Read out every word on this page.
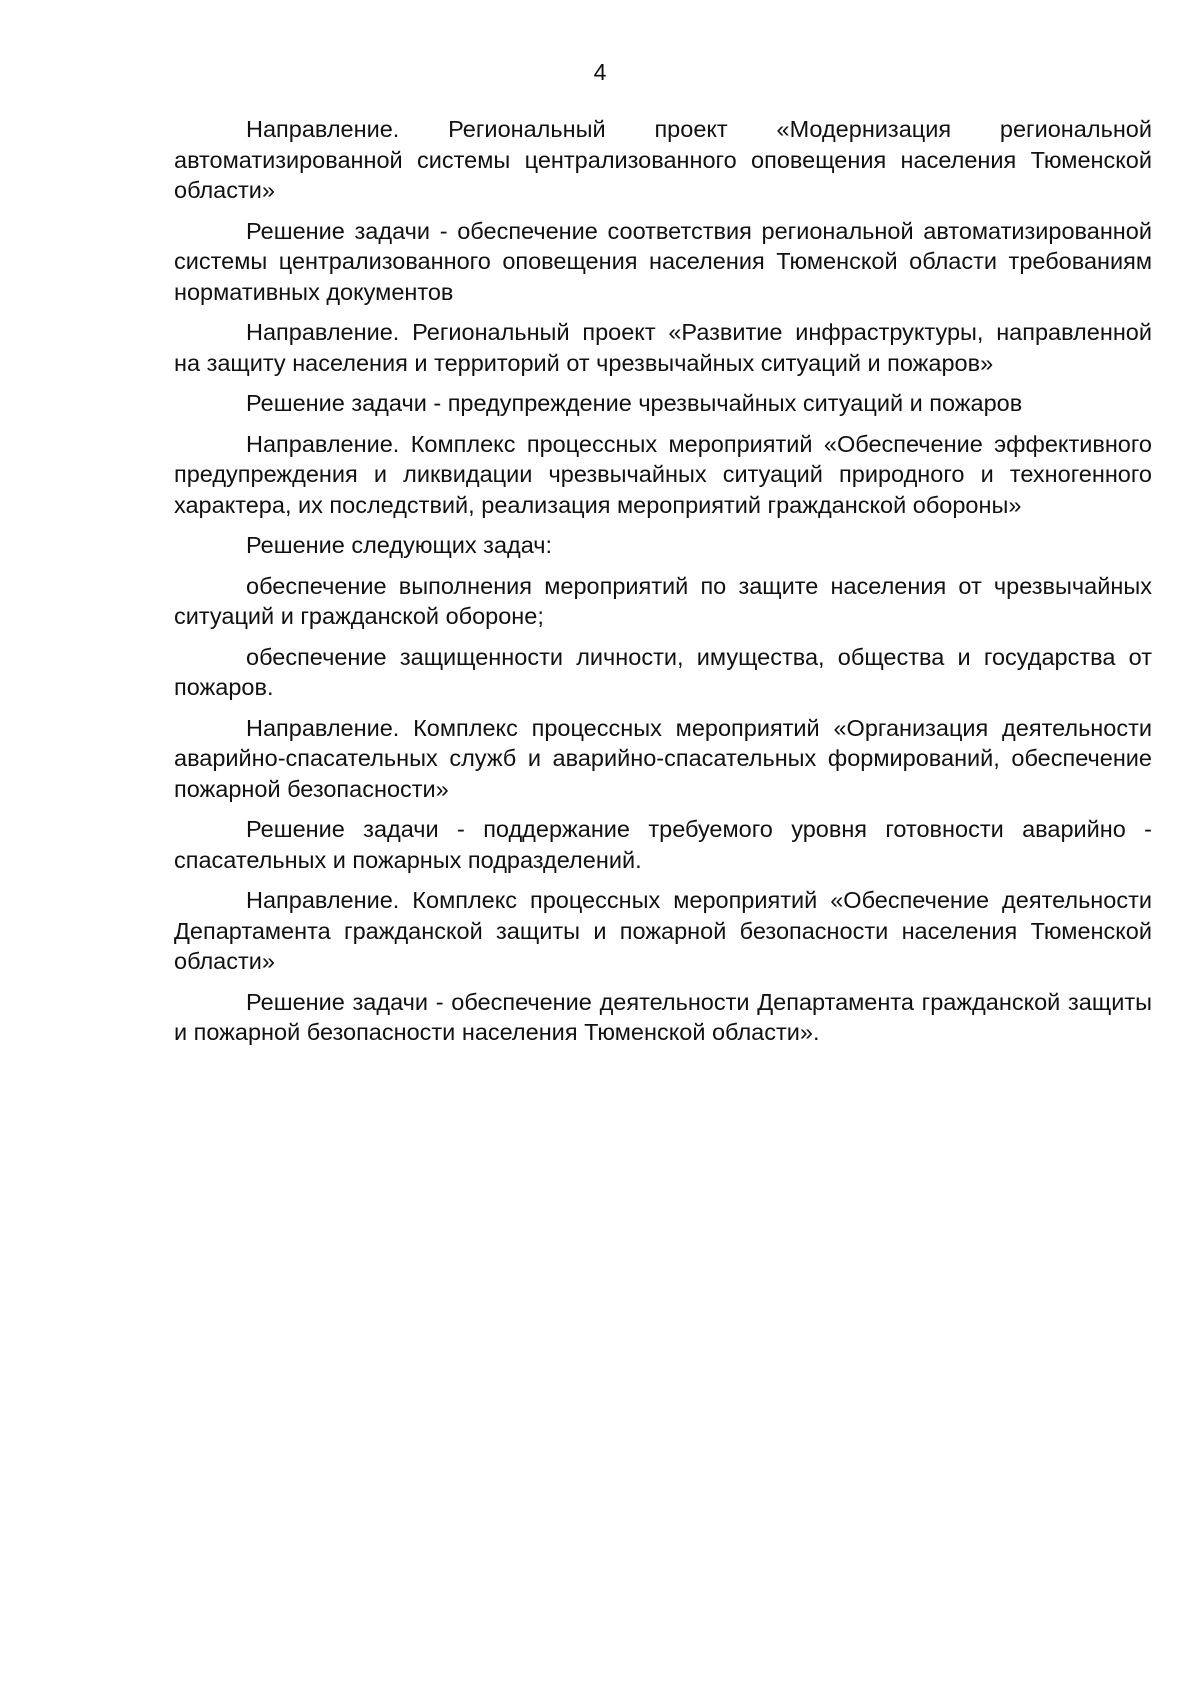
4

Направление. Региональный проект «Модернизация региональной автоматизированной системы централизованного оповещения населения Тюменской области»

Решение задачи - обеспечение соответствия региональной автоматизированной системы централизованного оповещения населения Тюменской области требованиям нормативных документов

Направление. Региональный проект «Развитие инфраструктуры, направленной на защиту населения и территорий от чрезвычайных ситуаций и пожаров»

Решение задачи - предупреждение чрезвычайных ситуаций и пожаров

Направление. Комплекс процессных мероприятий «Обеспечение эффективного предупреждения и ликвидации чрезвычайных ситуаций природного и техногенного характера, их последствий, реализация мероприятий гражданской обороны»

Решение следующих задач:

обеспечение выполнения мероприятий по защите населения от чрезвычайных ситуаций и гражданской обороне;

обеспечение защищенности личности, имущества, общества и государства от пожаров.

Направление. Комплекс процессных мероприятий «Организация деятельности аварийно-спасательных служб и аварийно-спасательных формирований, обеспечение пожарной безопасности»

Решение задачи - поддержание требуемого уровня готовности аварийно - спасательных и пожарных подразделений.

Направление. Комплекс процессных мероприятий «Обеспечение деятельности Департамента гражданской защиты и пожарной безопасности населения Тюменской области»

Решение задачи - обеспечение деятельности Департамента гражданской защиты и пожарной безопасности населения Тюменской области».
